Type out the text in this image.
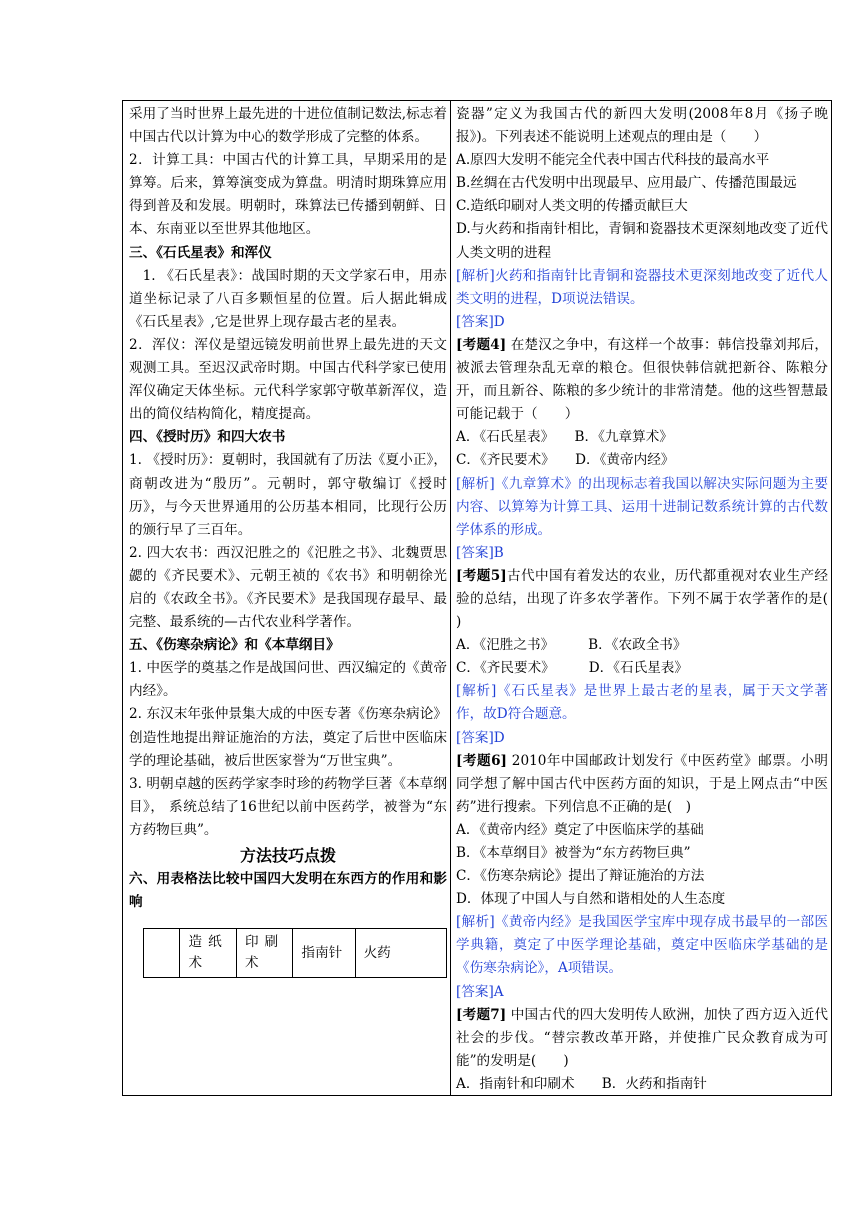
采用了当时世界上最先进的十进位值制记数法,标志着中国古代以计算为中心的数学形成了完整的体系。

2．计算工具：中国古代的计算工具，早期采用的是算筹。后来，算筹演变成为算盘。明清时期珠算应用得到普及和发展。明朝时，珠算法已传播到朝鲜、日本、东南亚以至世界其他地区。

三、《石氏星表》和浑仪

1. 《石氏星表》：战国时期的天文学家石申，用赤道坐标记录了八百多颗恒星的位置。后人据此辑成《石氏星表》,它是世界上现存最古老的星表。

2．浑仪：浑仪是望远镜发明前世界上最先进的天文观测工具。至迟汉武帝时期。中国古代科学家已使用浑仪确定天体坐标。元代科学家郭守敬革新浑仪，造出的简仪结构简化，精度提高。

四、《授时历》和四大农书

1. 《授时历》：夏朝时，我国就有了历法《夏小正》，商朝改进为“殷历”。元朝时，郭守敬编订《授时历》，与今天世界通用的公历基本相同，比现行公历的颁行早了三百年。

2. 四大农书：西汉汜胜之的《汜胜之书》、北魏贾思勰的《齐民要术》、元朝王祯的《农书》和明朝徐光启的《农政全书》。《齐民要术》是我国现存最早、最完整、最系统的—古代农业科学著作。

五、《伤寒杂病论》和《本草纲目》

1. 中医学的奠基之作是战国问世、西汉编定的《黄帝内经》。

2. 东汉末年张仲景集大成的中医专著《伤寒杂病论》创造性地提出辩证施治的方法，奠定了后世中医临床学的理论基础，被后世医家誉为“万世宝典”。

3. 明朝卓越的医药学家李时珍的药物学巨著《本草纲目》， 系统总结了16世纪以前中医药学，被誉为“东方药物巨典”。

方法技巧点拨

六、用表格法比较中国四大发明在东西方的作用和影响

	造纸术	印刷术	指南针	火药

瓷器”定义为我国古代的新四大发明(2008年8月《扬子晚报》)。下列表述不能说明上述观点的理由是（　　）

A.原四大发明不能完全代表中国古代科技的最高水平

B.丝绸在古代发明中出现最早、应用最广、传播范围最远

C.造纸印刷对人类文明的传播贡献巨大

D.与火药和指南针相比，青铜和瓷器技术更深刻地改变了近代人类文明的进程

[解析]火药和指南针比青铜和瓷器技术更深刻地改变了近代人类文明的进程，D项说法错误。

[答案]D

[考题4] 在楚汉之争中，有这样一个故事：韩信投靠刘邦后，被派去管理杂乱无章的粮仓。但很快韩信就把新谷、陈粮分开，而且新谷、陈粮的多少统计的非常清楚。他的这些智慧最可能记载于（　　）

A．《石氏星表》　　B．《九章算术》

C．《齐民要术》　　D．《黄帝内经》

[解析]《九章算术》的出现标志着我国以解决实际问题为主要内容、以算筹为计算工具、运用十进制记数系统计算的古代数学体系的形成。

[答案]B

[考题5]古代中国有着发达的农业，历代都重视对农业生产经验的总结，出现了许多农学著作。下列不属于农学著作的是(　 )

A．《汜胜之书》　　　B．《农政全书》

C．《齐民要术》　　　D．《石氏星表》

[解析]《石氏星表》是世界上最古老的星表，属于天文学著作，故D符合题意。

[答案]D

[考题6] 2010年中国邮政计划发行《中医药堂》邮票。小明同学想了解中国古代中医药方面的知识，于是上网点击“中医药”进行搜索。下列信息不正确的是(　)

A．《黄帝内经》奠定了中医临床学的基础

B．《本草纲目》被誉为“东方药物巨典”

C．《伤寒杂病论》提出了辩证施治的方法

D．体现了中国人与自然和谐相处的人生态度

[解析]《黄帝内经》是我国医学宝库中现存成书最早的一部医学典籍，奠定了中医学理论基础，奠定中医临床学基础的是《伤寒杂病论》，A项错误。

[答案]A

[考题7] 中国古代的四大发明传人欧洲，加快了西方迈入近代社会的步伐。“替宗教改革开路，并使推广民众教育成为可能”的发明是(　　)

A．指南针和印刷术　　B．火药和指南针
